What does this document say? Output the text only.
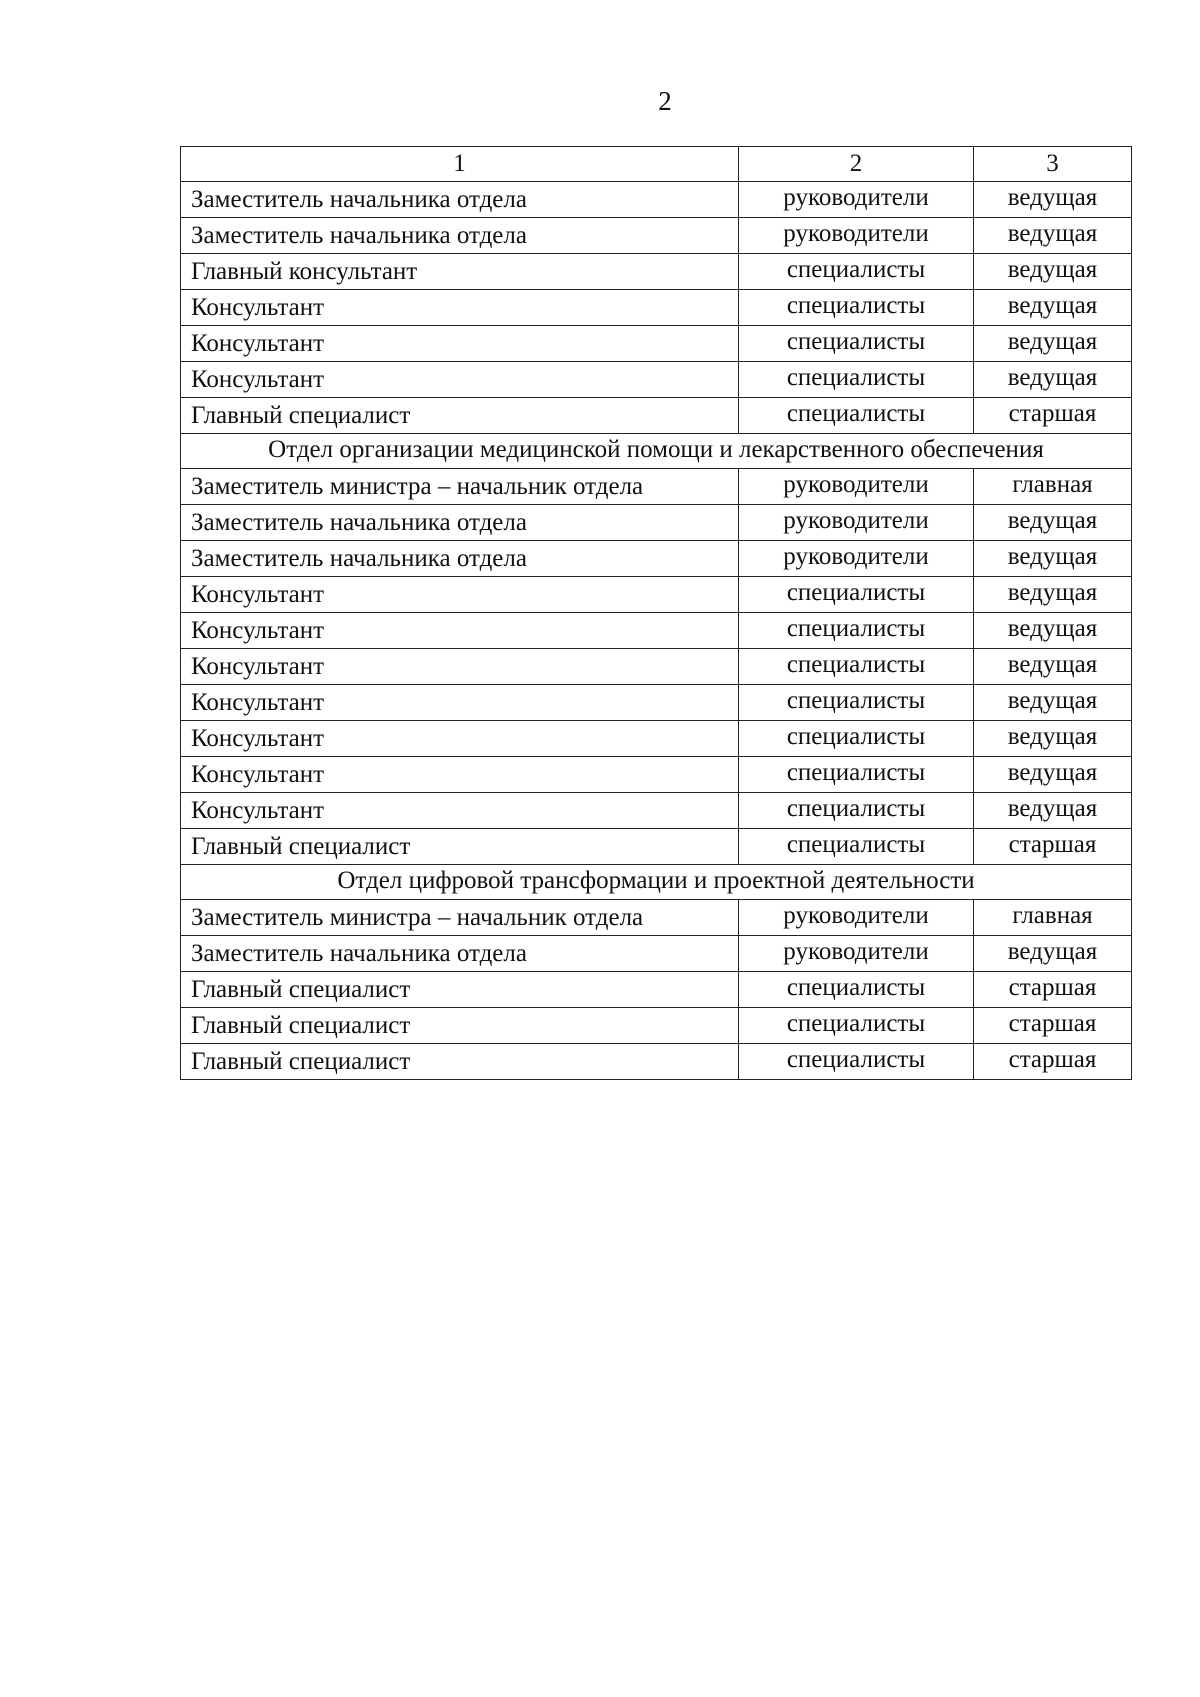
2
1	2	3
Заместитель начальника отдела	руководители	ведущая
Заместитель начальника отдела	руководители	ведущая
Главный консультант	специалисты	ведущая
Консультант	специалисты	ведущая
Консультант	специалисты	ведущая
Консультант	специалисты	ведущая
Главный специалист	специалисты	старшая
Отдел организации медицинской помощи и лекарственного обеспечения		
Заместитель министра – начальник отдела	руководители	главная
Заместитель начальника отдела	руководители	ведущая
Заместитель начальника отдела	руководители	ведущая
Консультант	специалисты	ведущая
Консультант	специалисты	ведущая
Консультант	специалисты	ведущая
Консультант	специалисты	ведущая
Консультант	специалисты	ведущая
Консультант	специалисты	ведущая
Консультант	специалисты	ведущая
Главный специалист	специалисты	старшая
Отдел цифровой трансформации и проектной деятельности		
Заместитель министра – начальник отдела	руководители	главная
Заместитель начальника отдела	руководители	ведущая
Главный специалист	специалисты	старшая
Главный специалист	специалисты	старшая
Главный специалист	специалисты	старшая
